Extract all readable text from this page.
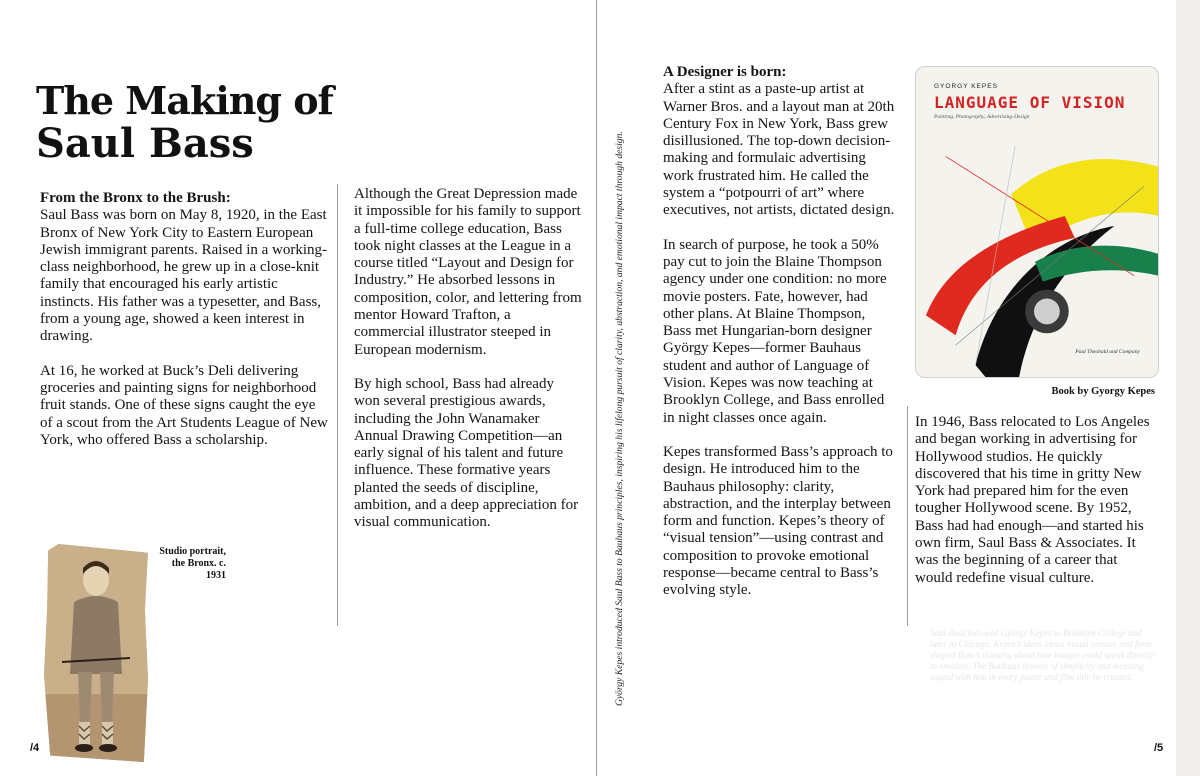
The Making of
Saul Bass
From the Bronx to the Brush:

Saul Bass was born on May 8, 1920, in the East Bronx of New York City to Eastern European Jewish immigrant parents. Raised in a working-class neighborhood, he grew up in a close-knit family that encouraged his early artistic instincts. His father was a typesetter, and Bass, from a young age, showed a keen interest in drawing.

At 16, he worked at Buck’s Deli delivering groceries and painting signs for neighborhood fruit stands. One of these signs caught the eye of a scout from the Art Students League of New York, who offered Bass a scholarship.

Although the Great Depression made it impossible for his family to support a full-time college education, Bass took night classes at the League in a course titled “Layout and Design for Industry.” He absorbed lessons in composition, color, and lettering from mentor Howard Trafton, a commercial illustrator steeped in European modernism.

By high school, Bass had already won several prestigious awards, including the John Wanamaker Annual Drawing Competition—an early signal of his talent and future influence. These formative years planted the seeds of discipline, ambition, and a deep appreciation for visual communication.

Studio portrait, the Bronx. c. 1931
/4
György Kepes introduced Saul Bass to Bauhaus principles, inspiring his lifelong pursuit of clarity, abstraction, and emotional impact through design.
A Designer is born:

After a stint as a paste-up artist at Warner Bros. and a layout man at 20th Century Fox in New York, Bass grew disillusioned. The top-down decision-making and formulaic advertising work frustrated him. He called the system a “potpourri of art” where executives, not artists, dictated design.

In search of purpose, he took a 50% pay cut to join the Blaine Thompson agency under one condition: no more movie posters. Fate, however, had other plans. At Blaine Thompson, Bass met Hungarian-born designer György Kepes—former Bauhaus student and author of Language of Vision. Kepes was now teaching at Brooklyn College, and Bass enrolled in night classes once again.

Kepes transformed Bass’s approach to design. He introduced him to the Bauhaus philosophy: clarity, abstraction, and the interplay between form and function. Kepes’s theory of “visual tension”—using contrast and composition to provoke emotional response—became central to Bass’s evolving style.

GYORGY KEPES
LANGUAGE OF VISION
Painting, Photography, Advertising-Design
Paul Theobald and Company
Book by Gyorgy Kepes

In 1946, Bass relocated to Los Angeles and began working in advertising for Hollywood studios. He quickly discovered that his time in gritty New York had prepared him for the even tougher Hollywood scene. By 1952, Bass had had enough—and started his own firm, Saul Bass & Associates. It was the beginning of a career that would redefine visual culture.

Saul Bass followed György Kepes to Brooklyn College and later to Chicago. Kepes’s ideas about visual tension and form shaped Bass’s thinking about how images could speak directly to emotion. The Bauhaus lessons of simplicity and meaning stayed with him in every poster and film title he created.
/5
